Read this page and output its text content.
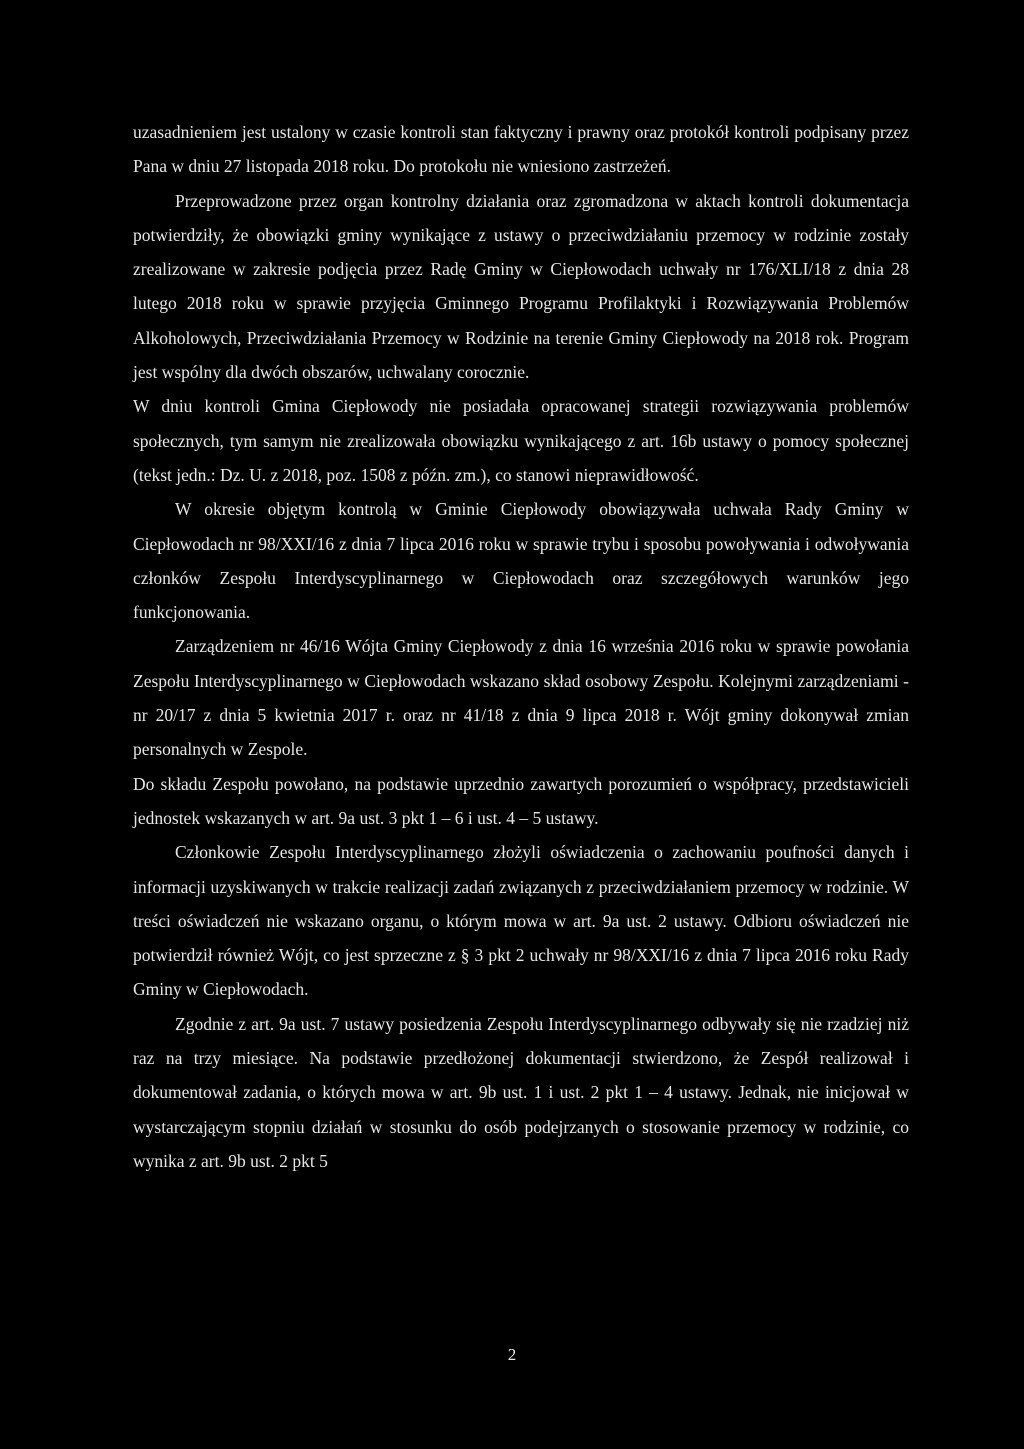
uzasadnieniem jest ustalony w czasie kontroli stan faktyczny i prawny oraz protokół kontroli podpisany przez Pana w dniu 27 listopada 2018 roku. Do protokołu nie wniesiono zastrzeżeń.

Przeprowadzone przez organ kontrolny działania oraz zgromadzona w aktach kontroli dokumentacja potwierdziły, że obowiązki gminy wynikające z ustawy o przeciwdziałaniu przemocy w rodzinie zostały zrealizowane w zakresie podjęcia przez Radę Gminy w Ciepłowodach uchwały nr 176/XLI/18 z dnia 28 lutego 2018 roku w sprawie przyjęcia Gminnego Programu Profilaktyki i Rozwiązywania Problemów Alkoholowych, Przeciwdziałania Przemocy w Rodzinie na terenie Gminy Ciepłowody na 2018 rok. Program jest wspólny dla dwóch obszarów, uchwalany corocznie.

W dniu kontroli Gmina Ciepłowody nie posiadała opracowanej strategii rozwiązywania problemów społecznych, tym samym nie zrealizowała obowiązku wynikającego z art. 16b ustawy o pomocy społecznej (tekst jedn.: Dz. U. z 2018, poz. 1508 z późn. zm.), co stanowi nieprawidłowość.

W okresie objętym kontrolą w Gminie Ciepłowody obowiązywała uchwała Rady Gminy w Ciepłowodach nr 98/XXI/16 z dnia 7 lipca 2016 roku w sprawie trybu i sposobu powoływania i odwoływania członków Zespołu Interdyscyplinarnego w Ciepłowodach oraz szczegółowych warunków jego funkcjonowania.

Zarządzeniem nr 46/16 Wójta Gminy Ciepłowody z dnia 16 września 2016 roku w sprawie powołania Zespołu Interdyscyplinarnego w Ciepłowodach wskazano skład osobowy Zespołu. Kolejnymi zarządzeniami - nr 20/17 z dnia 5 kwietnia 2017 r. oraz nr 41/18 z dnia 9 lipca 2018 r. Wójt gminy dokonywał zmian personalnych w Zespole.

Do składu Zespołu powołano, na podstawie uprzednio zawartych porozumień o współpracy, przedstawicieli jednostek wskazanych w art. 9a ust. 3 pkt 1 – 6 i ust. 4 – 5 ustawy.

Członkowie Zespołu Interdyscyplinarnego złożyli oświadczenia o zachowaniu poufności danych i informacji uzyskiwanych w trakcie realizacji zadań związanych z przeciwdziałaniem przemocy w rodzinie. W treści oświadczeń nie wskazano organu, o którym mowa w art. 9a ust. 2 ustawy. Odbioru oświadczeń nie potwierdził również Wójt, co jest sprzeczne z § 3 pkt 2 uchwały nr 98/XXI/16 z dnia 7 lipca 2016 roku Rady Gminy w Ciepłowodach.

Zgodnie z art. 9a ust. 7 ustawy posiedzenia Zespołu Interdyscyplinarnego odbywały się nie rzadziej niż raz na trzy miesiące. Na podstawie przedłożonej dokumentacji stwierdzono, że Zespół realizował i dokumentował zadania, o których mowa w art. 9b ust. 1 i ust. 2 pkt 1 – 4 ustawy. Jednak, nie inicjował w wystarczającym stopniu działań w stosunku do osób podejrzanych o stosowanie przemocy w rodzinie, co wynika z art. 9b ust. 2 pkt 5

2
